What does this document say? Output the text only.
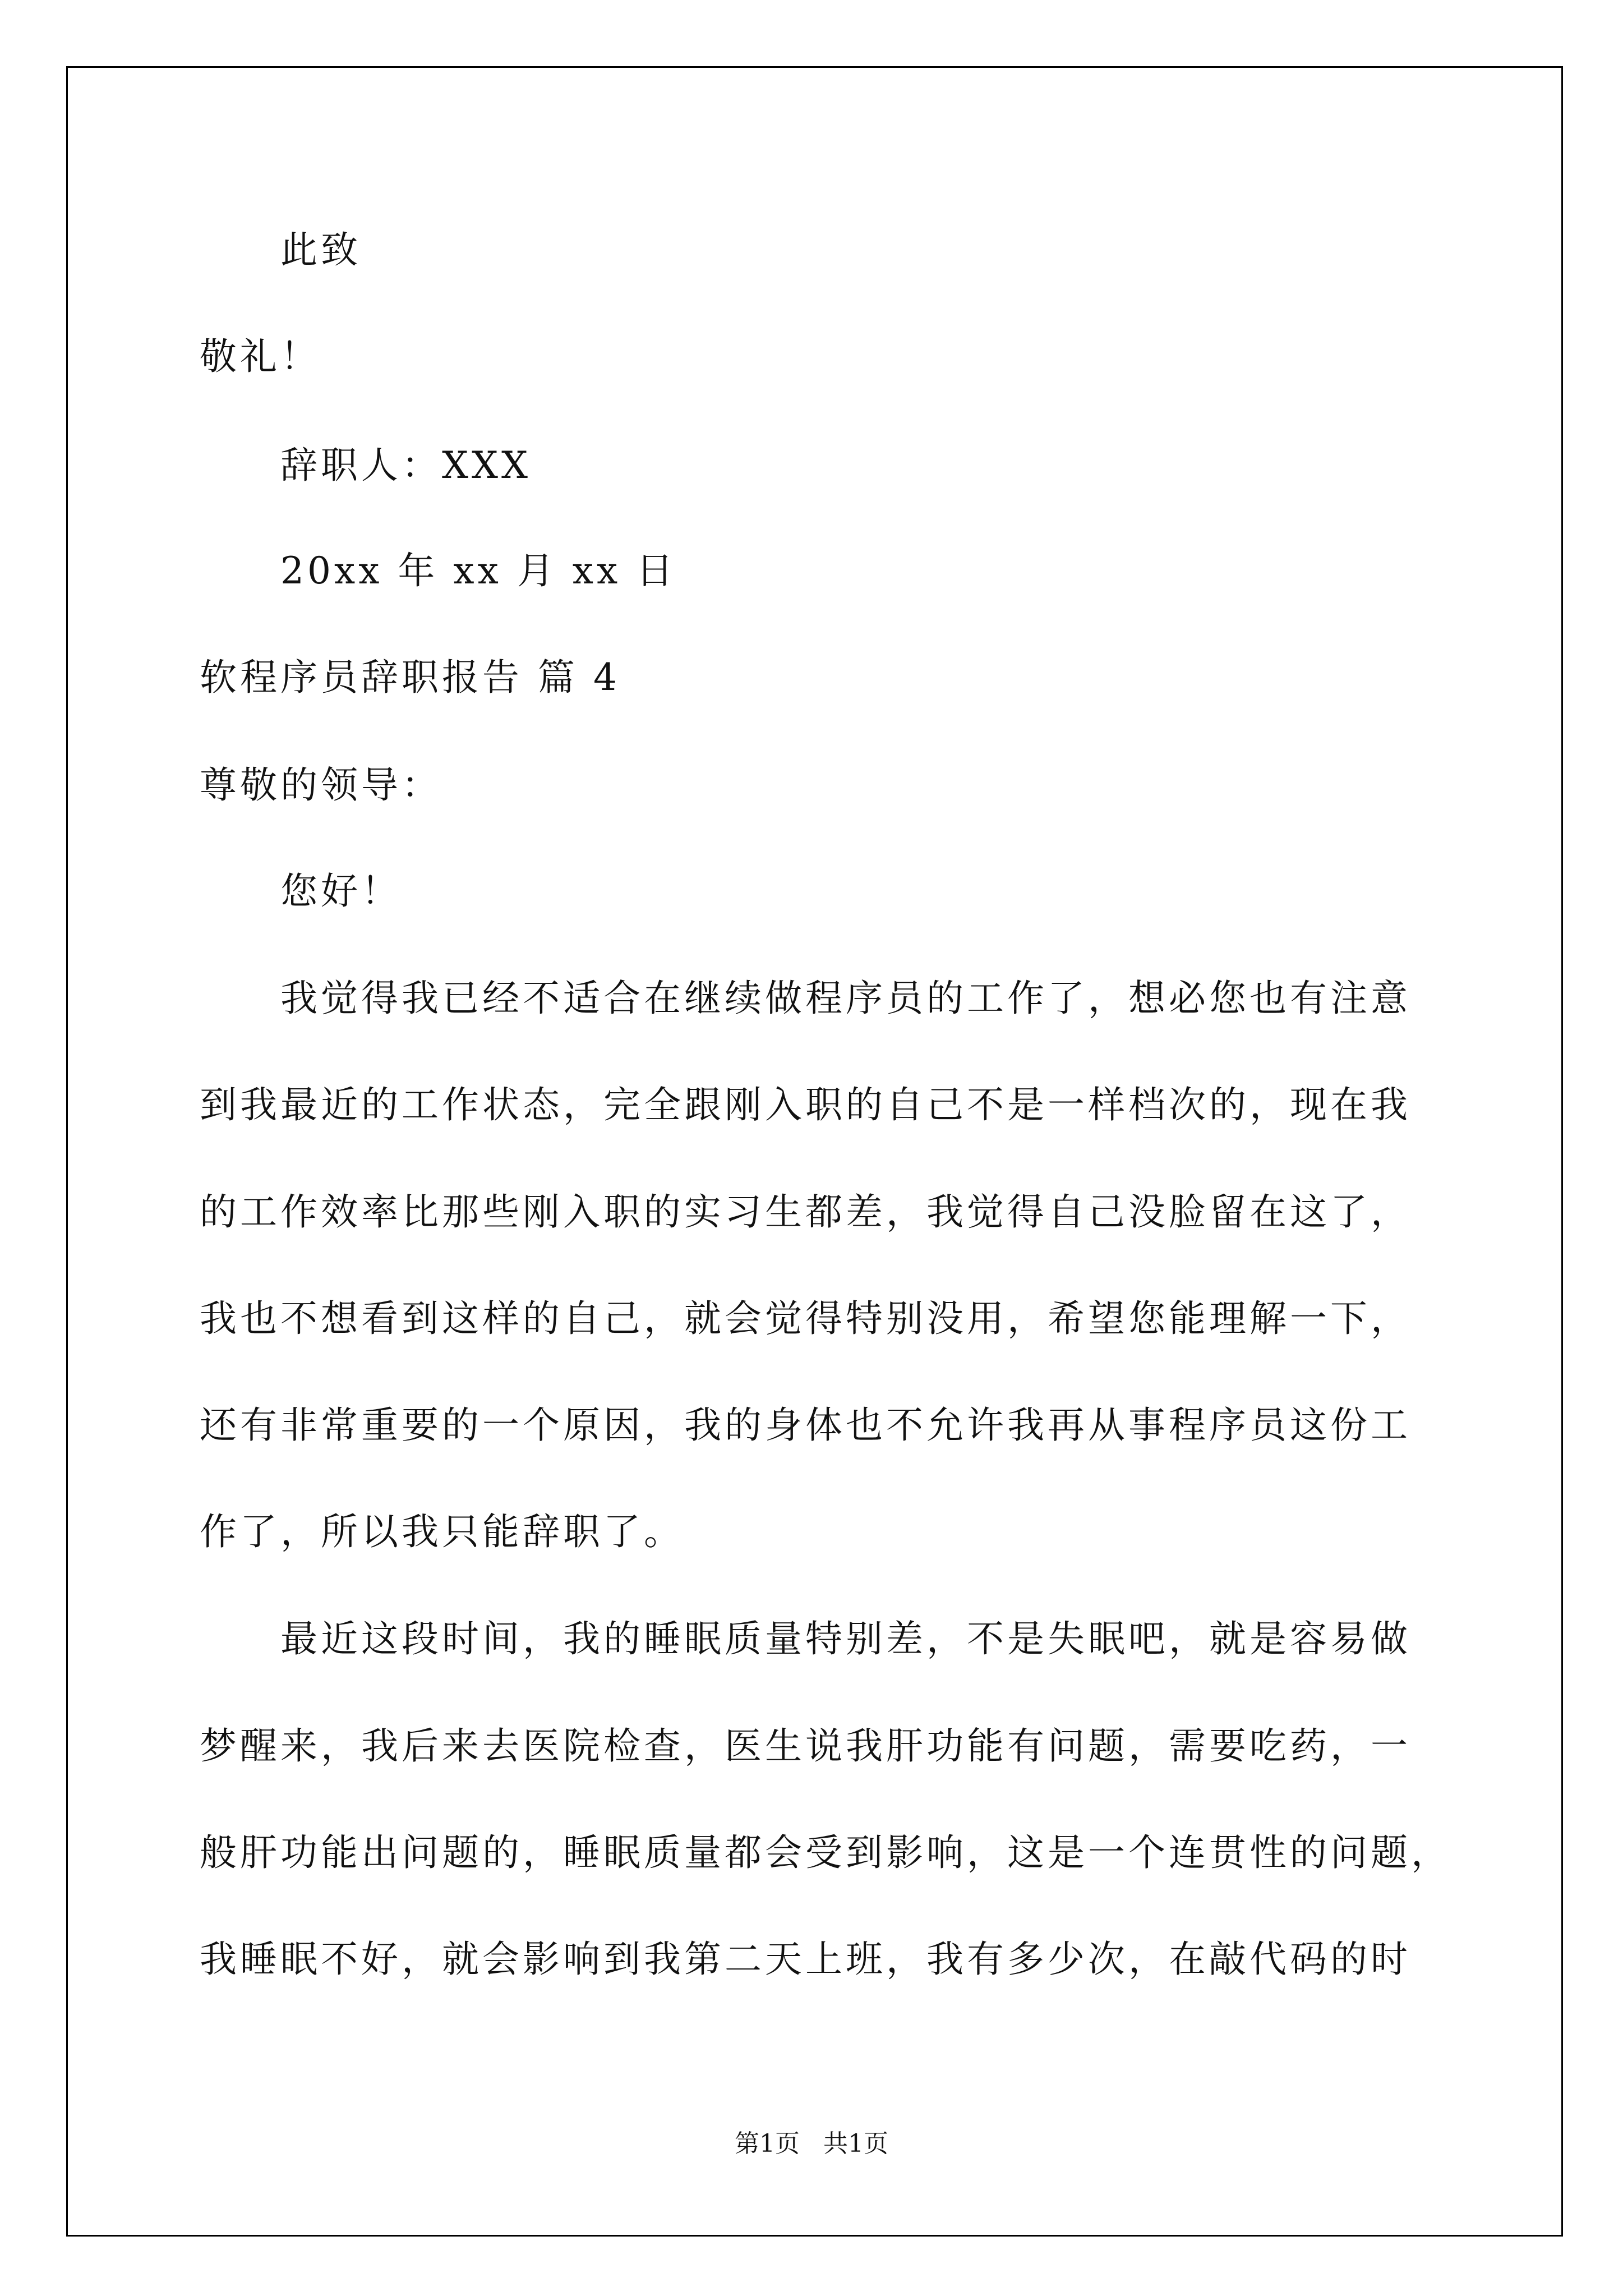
此致
敬礼！
辞职人：XXX
20xx 年 xx 月 xx 日
软程序员辞职报告 篇 4
尊敬的领导：
您好！
我觉得我已经不适合在继续做程序员的工作了，想必您也有注意
到我最近的工作状态，完全跟刚入职的自己不是一样档次的，现在我
的工作效率比那些刚入职的实习生都差，我觉得自己没脸留在这了，
我也不想看到这样的自己，就会觉得特别没用，希望您能理解一下，
还有非常重要的一个原因，我的身体也不允许我再从事程序员这份工
作了，所以我只能辞职了。
最近这段时间，我的睡眠质量特别差，不是失眠吧，就是容易做
梦醒来，我后来去医院检查，医生说我肝功能有问题，需要吃药，一
般肝功能出问题的，睡眠质量都会受到影响，这是一个连贯性的问题，
我睡眠不好，就会影响到我第二天上班，我有多少次，在敲代码的时
第1页   共1页
